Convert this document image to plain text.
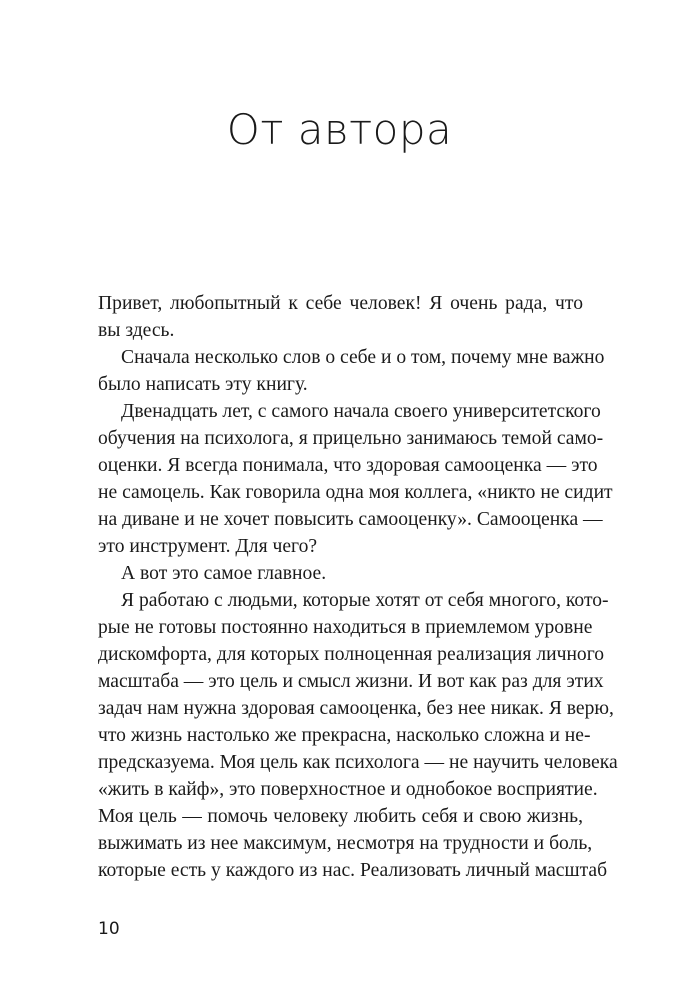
От автора
Привет, любопытный к себе человек! Я очень рада, что
вы здесь.
Сначала несколько слов о себе и о том, почему мне важно
было написать эту книгу.
Двенадцать лет, с самого начала своего университетского
обучения на психолога, я прицельно занимаюсь темой само-
оценки. Я всегда понимала, что здоровая самооценка — это
не самоцель. Как говорила одна моя коллега, «никто не сидит
на диване и не хочет повысить самооценку». Самооценка —
это инструмент. Для чего?
А вот это самое главное.
Я работаю с людьми, которые хотят от себя многого, кото-
рые не готовы постоянно находиться в приемлемом уровне
дискомфорта, для которых полноценная реализация личного
масштаба — это цель и смысл жизни. И вот как раз для этих
задач нам нужна здоровая самооценка, без нее никак. Я верю,
что жизнь настолько же прекрасна, насколько сложна и не-
предсказуема. Моя цель как психолога — не научить человека
«жить в кайф», это поверхностное и однобокое восприятие.
Моя цель — помочь человеку любить себя и свою жизнь,
выжимать из нее максимум, несмотря на трудности и боль,
которые есть у каждого из нас. Реализовать личный масштаб
10
